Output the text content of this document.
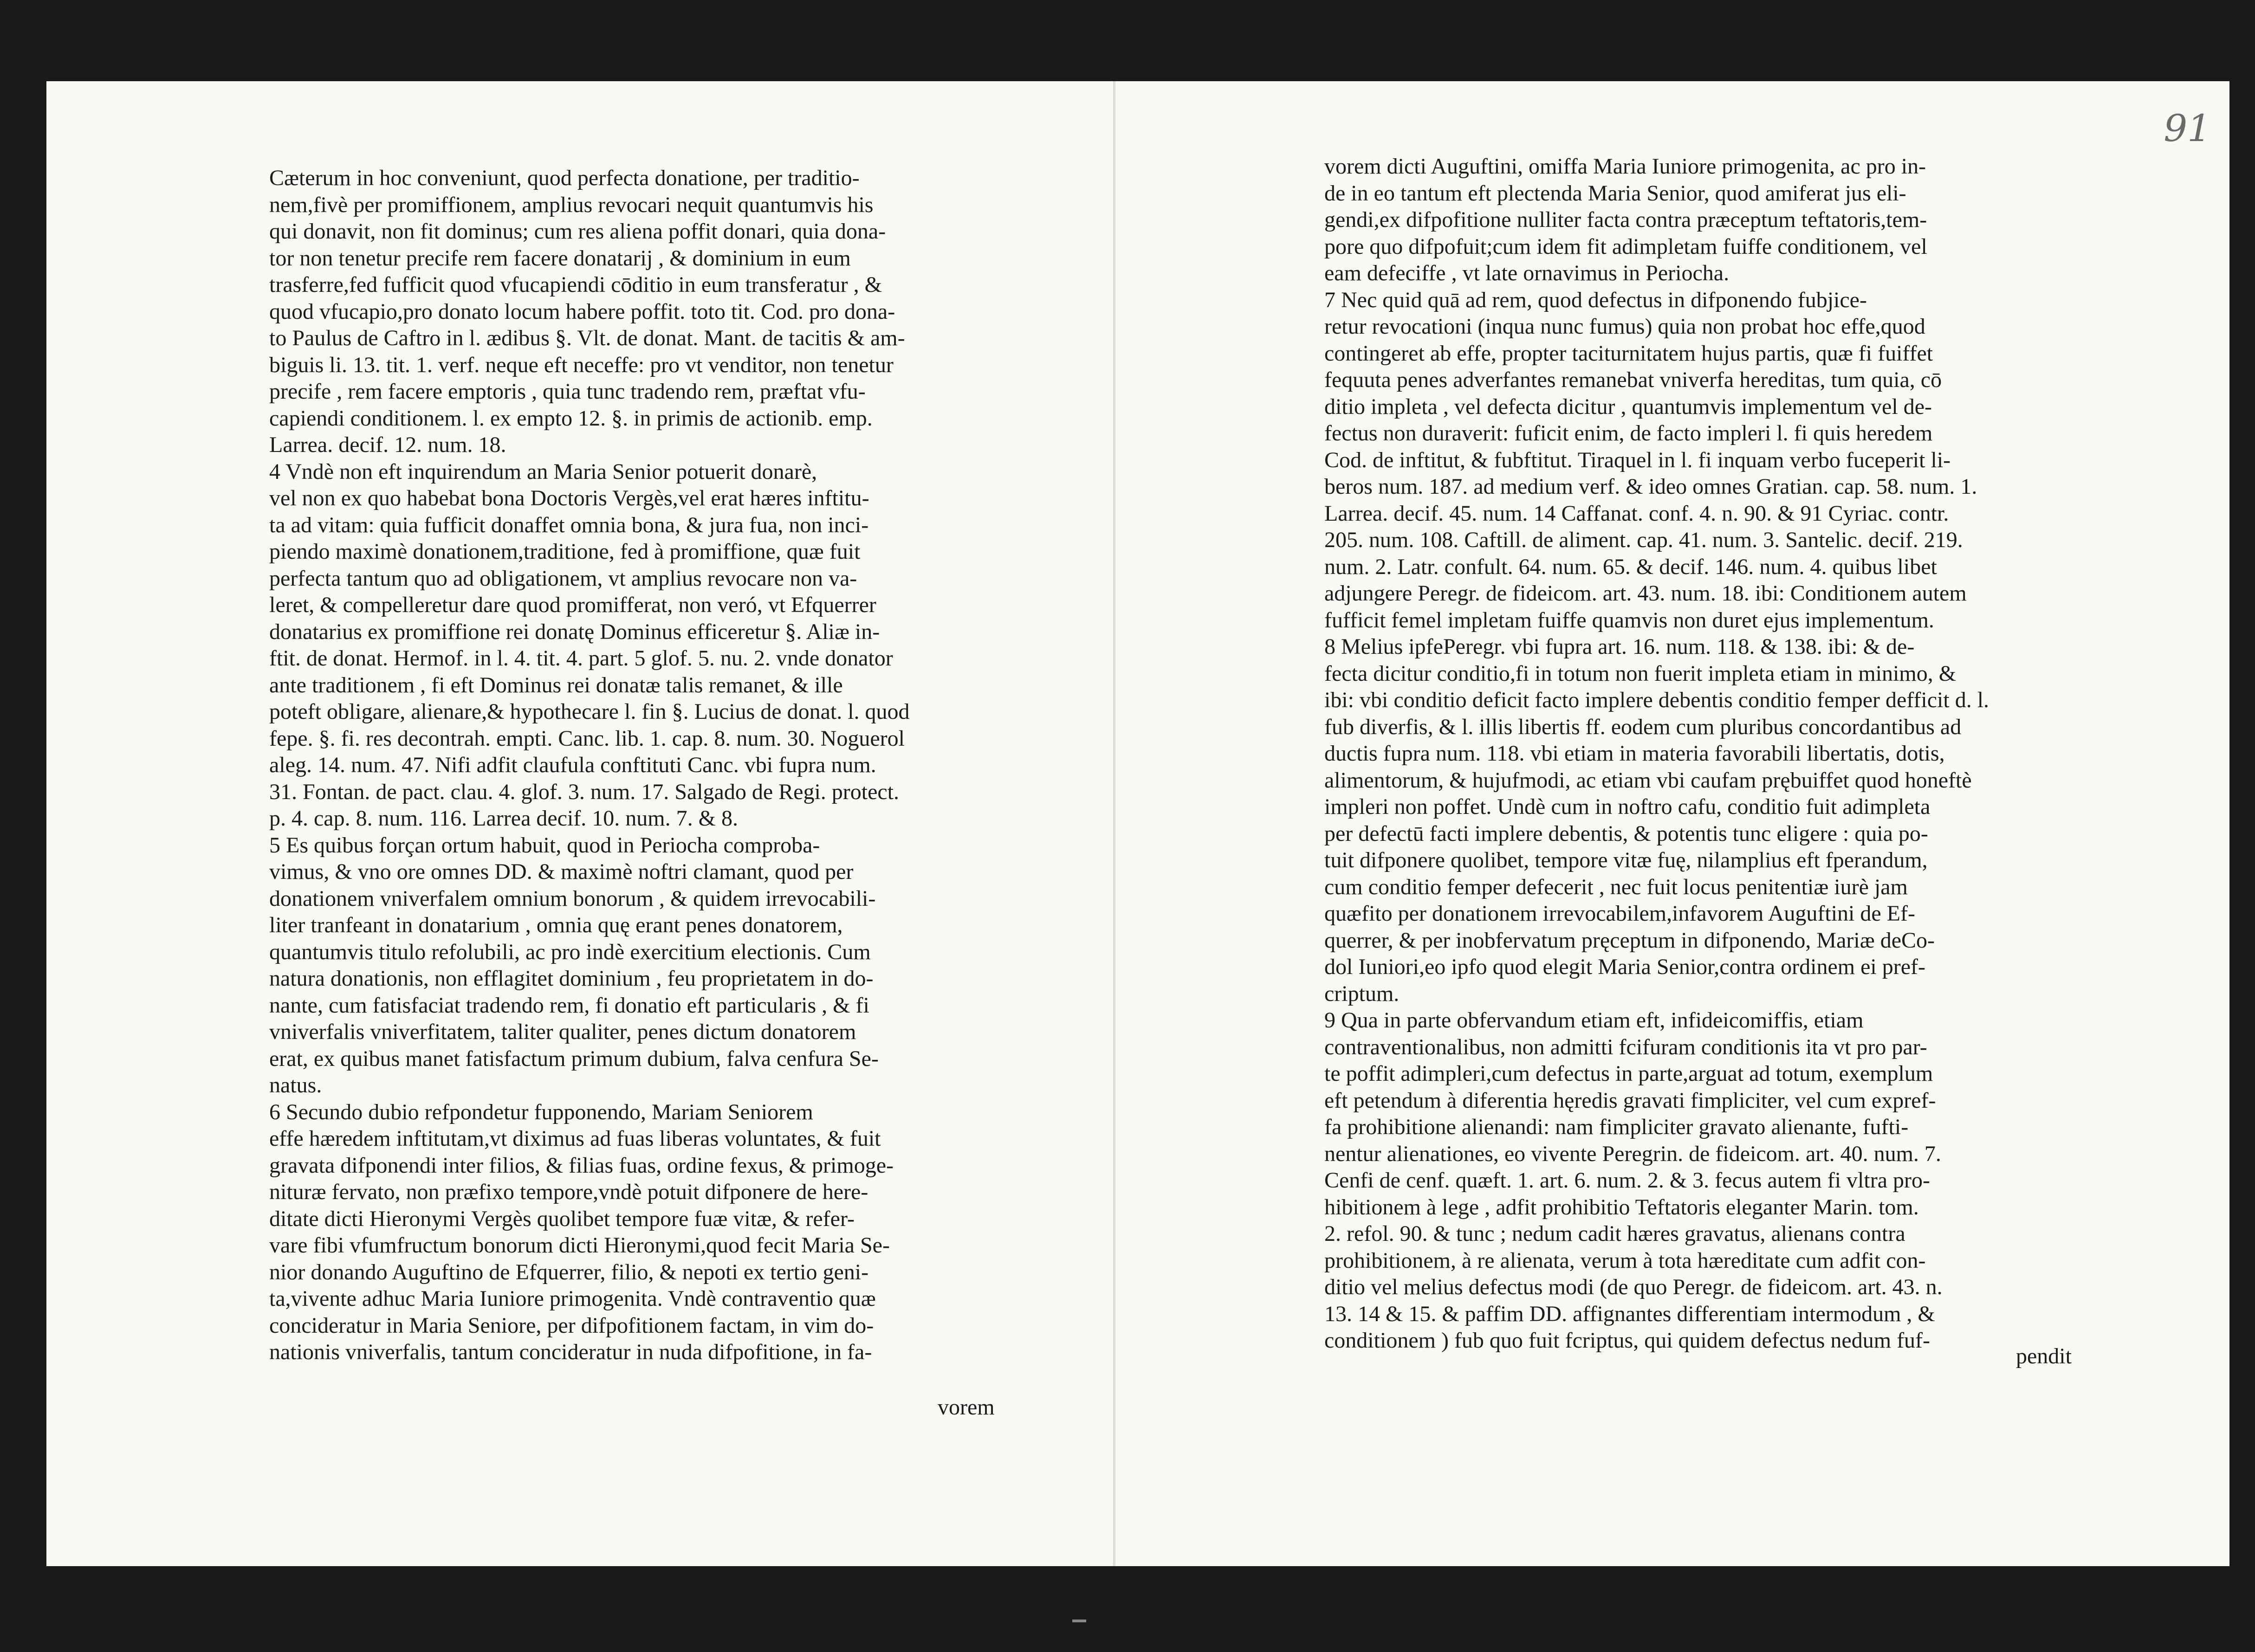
Cæterum in hoc conveniunt, quod perfecta donatione, per traditio-
nem,fivè per promiffionem, amplius revocari nequit quantumvis his
qui donavit, non fit dominus; cum res aliena poffit donari, quia dona-
tor non tenetur precife rem facere donatarij , & dominium in eum
trasferre,fed fufficit quod vfucapiendi cōditio in eum transferatur , &
quod vfucapio,pro donato locum habere poffit. toto tit. Cod. pro dona-
to Paulus de Caftro in l. ædibus §. Vlt. de donat. Mant. de tacitis & am-
biguis li. 13. tit. 1. verf. neque eft neceffe: pro vt venditor, non tenetur
precife , rem facere emptoris , quia tunc tradendo rem, præftat vfu-
capiendi conditionem. l. ex empto 12. §. in primis de actionib. emp.
Larrea. decif. 12. num. 18.
4 Vndè non eft inquirendum an Maria Senior potuerit donarè,
vel non ex quo habebat bona Doctoris Vergès,vel erat hæres inftitu-
ta ad vitam: quia fufficit donaffet omnia bona, & jura fua, non inci-
piendo maximè donationem,traditione, fed à promiffione, quæ fuit
perfecta tantum quo ad obligationem, vt amplius revocare non va-
leret, & compelleretur dare quod promifferat, non veró, vt Efquerrer
donatarius ex promiffione rei donatę Dominus efficeretur §. Aliæ in-
ftit. de donat. Hermof. in l. 4. tit. 4. part. 5 glof. 5. nu. 2. vnde donator
ante traditionem , fi eft Dominus rei donatæ talis remanet, & ille
poteft obligare, alienare,& hypothecare l. fin §. Lucius de donat. l. quod
fepe. §. fi. res decontrah. empti. Canc. lib. 1. cap. 8. num. 30. Noguerol
aleg. 14. num. 47. Nifi adfit claufula conftituti Canc. vbi fupra num.
31. Fontan. de pact. clau. 4. glof. 3. num. 17. Salgado de Regi. protect.
p. 4. cap. 8. num. 116. Larrea decif. 10. num. 7. & 8.
5 Es quibus forçan ortum habuit, quod in Periocha comproba-
vimus, & vno ore omnes DD. & maximè noftri clamant, quod per
donationem vniverfalem omnium bonorum , & quidem irrevocabili-
liter tranfeant in donatarium , omnia quę erant penes donatorem,
quantumvis titulo refolubili, ac pro indè exercitium electionis. Cum
natura donationis, non efflagitet dominium , feu proprietatem in do-
nante, cum fatisfaciat tradendo rem, fi donatio eft particularis , & fi
vniverfalis vniverfitatem, taliter qualiter, penes dictum donatorem
erat, ex quibus manet fatisfactum primum dubium, falva cenfura Se-
natus.
6 Secundo dubio refpondetur fupponendo, Mariam Seniorem
effe hæredem inftitutam,vt diximus ad fuas liberas voluntates, & fuit
gravata difponendi inter filios, & filias fuas, ordine fexus, & primoge-
nituræ fervato, non præfixo tempore,vndè potuit difponere de here-
ditate dicti Hieronymi Vergès quolibet tempore fuæ vitæ, & refer-
vare fibi vfumfructum bonorum dicti Hieronymi,quod fecit Maria Se-
nior donando Auguftino de Efquerrer, filio, & nepoti ex tertio geni-
ta,vivente adhuc Maria Iuniore primogenita. Vndè contraventio quæ
concideratur in Maria Seniore, per difpofitionem factam, in vim do-
nationis vniverfalis, tantum concideratur in nuda difpofitione, in fa-
vorem
91
vorem dicti Auguftini, omiffa Maria Iuniore primogenita, ac pro in-
de in eo tantum eft plectenda Maria Senior, quod amiferat jus eli-
gendi,ex difpofitione nulliter facta contra præceptum teftatoris,tem-
pore quo difpofuit;cum idem fit adimpletam fuiffe conditionem, vel
eam defeciffe , vt late ornavimus in Periocha.
7 Nec quid quā ad rem, quod defectus in difponendo fubjice-
retur revocationi (inqua nunc fumus) quia non probat hoc effe,quod
contingeret ab effe, propter taciturnitatem hujus partis, quæ fi fuiffet
fequuta penes adverfantes remanebat vniverfa hereditas, tum quia, cō
ditio impleta , vel defecta dicitur , quantumvis implementum vel de-
fectus non duraverit: fuficit enim, de facto impleri l. fi quis heredem
Cod. de inftitut, & fubftitut. Tiraquel in l. fi inquam verbo fuceperit li-
beros num. 187. ad medium verf. & ideo omnes Gratian. cap. 58. num. 1.
Larrea. decif. 45. num. 14 Caffanat. conf. 4. n. 90. & 91 Cyriac. contr.
205. num. 108. Caftill. de aliment. cap. 41. num. 3. Santelic. decif. 219.
num. 2. Latr. confult. 64. num. 65. & decif. 146. num. 4. quibus libet
adjungere Peregr. de fideicom. art. 43. num. 18. ibi: Conditionem autem
fufficit femel impletam fuiffe quamvis non duret ejus implementum.
8 Melius ipfePeregr. vbi fupra art. 16. num. 118. & 138. ibi: & de-
fecta dicitur conditio,fi in totum non fuerit impleta etiam in minimo, &
ibi: vbi conditio deficit facto implere debentis conditio femper defficit d. l.
fub diverfis, & l. illis libertis ff. eodem cum pluribus concordantibus ad
ductis fupra num. 118. vbi etiam in materia favorabili libertatis, dotis,
alimentorum, & hujufmodi, ac etiam vbi caufam prębuiffet quod honeftè
impleri non poffet. Undè cum in noftro cafu, conditio fuit adimpleta
per defectū facti implere debentis, & potentis tunc eligere : quia po-
tuit difponere quolibet, tempore vitæ fuę, nilamplius eft fperandum,
cum conditio femper defecerit , nec fuit locus penitentiæ iurè jam
quæfito per donationem irrevocabilem,infavorem Auguftini de Ef-
querrer, & per inobfervatum pręceptum in difponendo, Mariæ deCo-
dol Iuniori,eo ipfo quod elegit Maria Senior,contra ordinem ei pref-
criptum.
9 Qua in parte obfervandum etiam eft, infideicomiffis, etiam
contraventionalibus, non admitti fcifuram conditionis ita vt pro par-
te poffit adimpleri,cum defectus in parte,arguat ad totum, exemplum
eft petendum à diferentia hęredis gravati fimpliciter, vel cum expref-
fa prohibitione alienandi: nam fimpliciter gravato alienante, fufti-
nentur alienationes, eo vivente Peregrin. de fideicom. art. 40. num. 7.
Cenfi de cenf. quæft. 1. art. 6. num. 2. & 3. fecus autem fi vltra pro-
hibitionem à lege , adfit prohibitio Teftatoris eleganter Marin. tom.
2. refol. 90. & tunc ; nedum cadit hæres gravatus, alienans contra
prohibitionem, à re alienata, verum à tota hæreditate cum adfit con-
ditio vel melius defectus modi (de quo Peregr. de fideicom. art. 43. n.
13. 14 & 15. & paffim DD. affignantes differentiam intermodum , &
conditionem ) fub quo fuit fcriptus, qui quidem defectus nedum fuf-
pendit
